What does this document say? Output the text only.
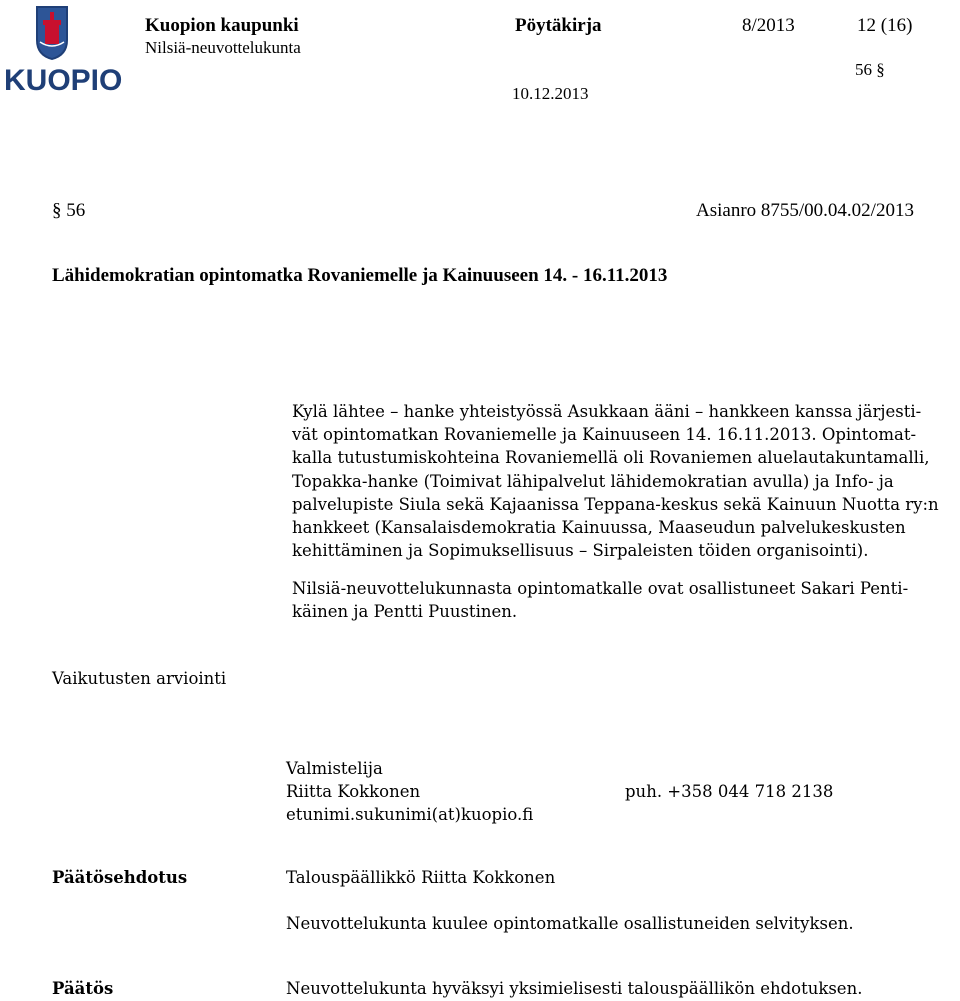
KUOPIO
Kuopion kaupunki
Nilsiä-neuvottelukunta
Pöytäkirja	8/2013	12 (16)
56 §
10.12.2013
§ 56	Asianro 8755/00.04.02/2013
Lähidemokratian opintomatka Rovaniemelle ja Kainuuseen 14. - 16.11.2013
Kylä lähtee – hanke yhteistyössä Asukkaan ääni – hankkeen kanssa järjesti-
vät opintomatkan Rovaniemelle ja Kainuuseen 14. 16.11.2013. Opintomat-
kalla tutustumiskohteina Rovaniemellä oli Rovaniemen aluelautakuntamalli,
Topakka-hanke (Toimivat lähipalvelut lähidemokratian avulla) ja Info- ja
palvelupiste Siula sekä Kajaanissa Teppana-keskus sekä Kainuun Nuotta ry:n
hankkeet (Kansalaisdemokratia Kainuussa, Maaseudun palvelukeskusten
kehittäminen ja Sopimuksellisuus – Sirpaleisten töiden organisointi).
Nilsiä-neuvottelukunnasta opintomatkalle ovat osallistuneet Sakari Penti-
käinen ja Pentti Puustinen.
Vaikutusten arviointi
Valmistelija
Riitta Kokkonen	puh. +358 044 718 2138
etunimi.sukunimi(at)kuopio.fi
Päätösehdotus	Talouspäällikkö Riitta Kokkonen
Neuvottelukunta kuulee opintomatkalle osallistuneiden selvityksen.
Päätös	Neuvottelukunta hyväksyi yksimielisesti talouspäällikön ehdotuksen.
